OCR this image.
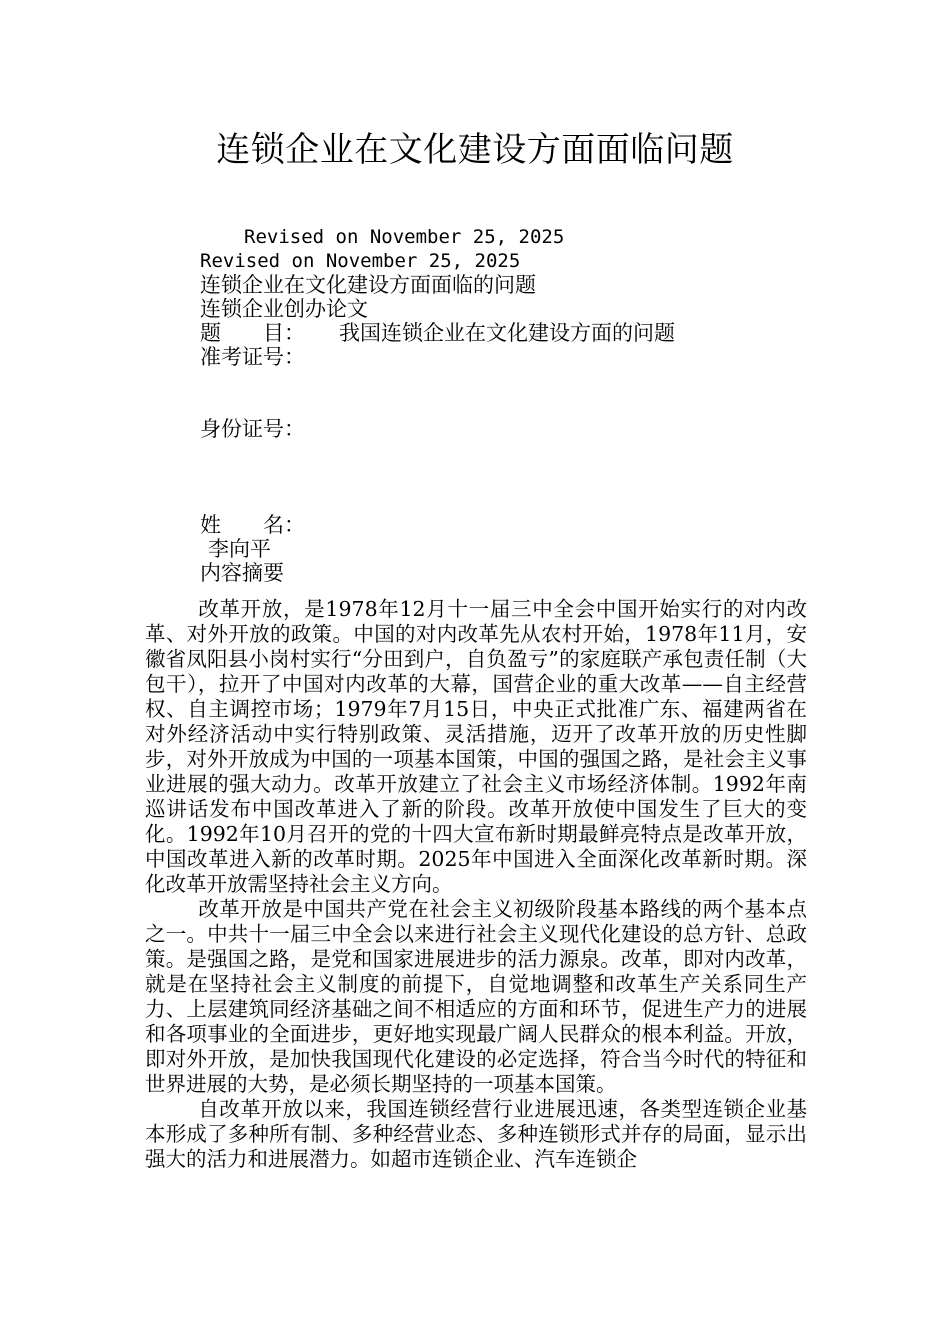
连锁企业在文化建设方面面临问题
Revised on November 25, 2025
Revised on November 25, 2025
连锁企业在文化建设方面面临的问题
连锁企业创办论文
题　　目： 我国连锁企业在文化建设方面的问题
准考证号：
身份证号：
姓　　名：
李向平
内容摘要

改革开放，是1978年12月十一届三中全会中国开始实行的对内改革、对外开放的政策。中国的对内改革先从农村开始，1978年11月，安徽省凤阳县小岗村实行“分田到户，自负盈亏”的家庭联产承包责任制（大包干），拉开了中国对内改革的大幕，国营企业的重大改革——自主经营权、自主调控市场；1979年7月15日，中央正式批准广东、福建两省在对外经济活动中实行特别政策、灵活措施，迈开了改革开放的历史性脚步，对外开放成为中国的一项基本国策，中国的强国之路，是社会主义事业进展的强大动力。改革开放建立了社会主义市场经济体制。1992年南巡讲话发布中国改革进入了新的阶段。改革开放使中国发生了巨大的变化。1992年10月召开的党的十四大宣布新时期最鲜亮特点是改革开放，中国改革进入新的改革时期。2025年中国进入全面深化改革新时期。深化改革开放需坚持社会主义方向。

改革开放是中国共产党在社会主义初级阶段基本路线的两个基本点之一。中共十一届三中全会以来进行社会主义现代化建设的总方针、总政策。是强国之路，是党和国家进展进步的活力源泉。改革，即对内改革，就是在坚持社会主义制度的前提下，自觉地调整和改革生产关系同生产力、上层建筑同经济基础之间不相适应的方面和环节，促进生产力的进展和各项事业的全面进步，更好地实现最广阔人民群众的根本利益。开放，即对外开放，是加快我国现代化建设的必定选择，符合当今时代的特征和世界进展的大势，是必须长期坚持的一项基本国策。

自改革开放以来，我国连锁经营行业进展迅速，各类型连锁企业基本形成了多种所有制、多种经营业态、多种连锁形式并存的局面，显示出强大的活力和进展潜力。如超市连锁企业、汽车连锁企
